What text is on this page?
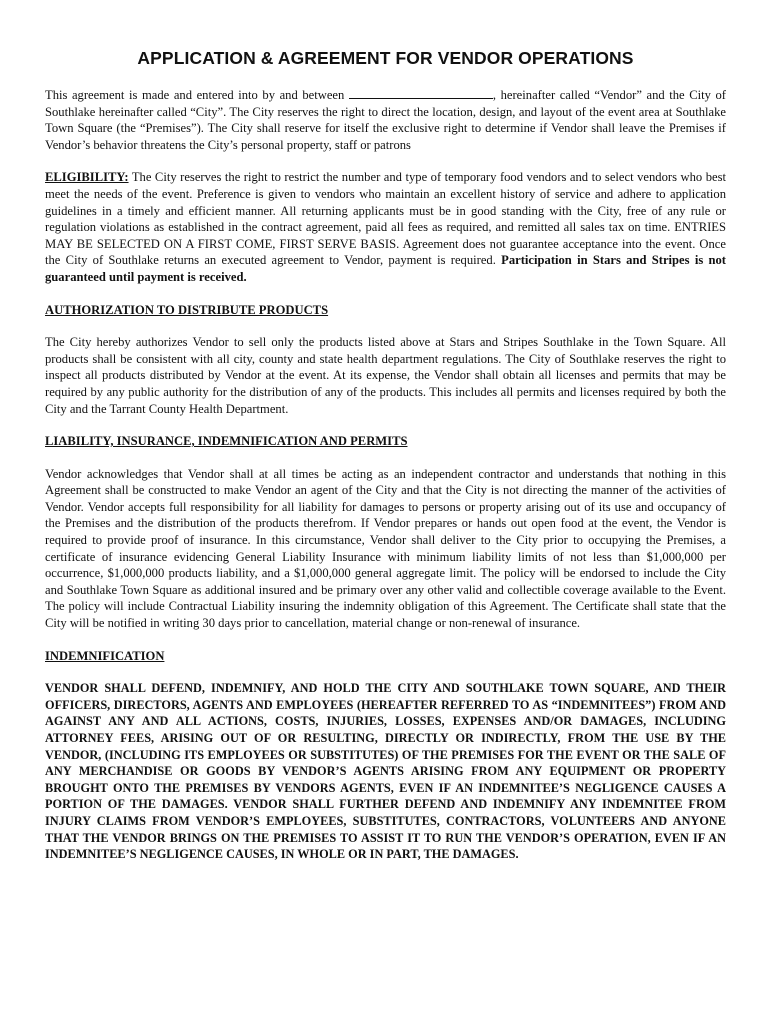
APPLICATION & AGREEMENT FOR VENDOR OPERATIONS

This agreement is made and entered into by and between	, hereinafter called “Vendor” and the City of Southlake hereinafter called “City”. The City reserves the right to direct the location, design, and layout of the event area at Southlake Town Square (the “Premises”). The City shall reserve for itself the exclusive right to determine if Vendor shall leave the Premises if Vendor’s behavior threatens the City’s personal property, staff or patrons

ELIGIBILITY: The City reserves the right to restrict the number and type of temporary food vendors and to select vendors who best meet the needs of the event. Preference is given to vendors who maintain an excellent history of service and adhere to application guidelines in a timely and efficient manner. All returning applicants must be in good standing with the City, free of any rule or regulation violations as established in the contract agreement, paid all fees as required, and remitted all sales tax on time. ENTRIES MAY BE SELECTED ON A FIRST COME, FIRST SERVE BASIS. Agreement does not guarantee acceptance into the event. Once the City of Southlake returns an executed agreement to Vendor, payment is required. Participation in Stars and Stripes is not guaranteed until payment is received.

AUTHORIZATION TO DISTRIBUTE PRODUCTS

The City hereby authorizes Vendor to sell only the products listed above at Stars and Stripes Southlake in the Town Square. All products shall be consistent with all city, county and state health department regulations. The City of Southlake reserves the right to inspect all products distributed by Vendor at the event. At its expense, the Vendor shall obtain all licenses and permits that may be required by any public authority for the distribution of any of the products. This includes all permits and licenses required by both the City and the Tarrant County Health Department.

LIABILITY, INSURANCE, INDEMNIFICATION AND PERMITS

Vendor acknowledges that Vendor shall at all times be acting as an independent contractor and understands that nothing in this Agreement shall be constructed to make Vendor an agent of the City and that the City is not directing the manner of the activities of Vendor. Vendor accepts full responsibility for all liability for damages to persons or property arising out of its use and occupancy of the Premises and the distribution of the products therefrom. If Vendor prepares or hands out open food at the event, the Vendor is required to provide proof of insurance. In this circumstance, Vendor shall deliver to the City prior to occupying the Premises, a certificate of insurance evidencing General Liability Insurance with minimum liability limits of not less than $1,000,000 per occurrence, $1,000,000 products liability, and a $1,000,000 general aggregate limit. The policy will be endorsed to include the City and Southlake Town Square as additional insured and be primary over any other valid and collectible coverage available to the Event. The policy will include Contractual Liability insuring the indemnity obligation of this Agreement. The Certificate shall state that the City will be notified in writing 30 days prior to cancellation, material change or non-renewal of insurance.

INDEMNIFICATION

VENDOR SHALL DEFEND, INDEMNIFY, AND HOLD THE CITY AND SOUTHLAKE TOWN SQUARE, AND THEIR OFFICERS, DIRECTORS, AGENTS AND EMPLOYEES (HEREAFTER REFERRED TO AS “INDEMNITEES”) FROM AND AGAINST ANY AND ALL ACTIONS, COSTS, INJURIES, LOSSES, EXPENSES AND/OR DAMAGES, INCLUDING ATTORNEY FEES, ARISING OUT OF OR RESULTING, DIRECTLY OR INDIRECTLY, FROM THE USE BY THE VENDOR, (INCLUDING ITS EMPLOYEES OR SUBSTITUTES) OF THE PREMISES FOR THE EVENT OR THE SALE OF ANY MERCHANDISE OR GOODS BY VENDOR’S AGENTS ARISING FROM ANY EQUIPMENT OR PROPERTY BROUGHT ONTO THE PREMISES BY VENDORS AGENTS, EVEN IF AN INDEMNITEE’S NEGLIGENCE CAUSES A PORTION OF THE DAMAGES. VENDOR SHALL FURTHER DEFEND AND INDEMNIFY ANY INDEMNITEE FROM INJURY CLAIMS FROM VENDOR’S EMPLOYEES, SUBSTITUTES, CONTRACTORS, VOLUNTEERS AND ANYONE THAT THE VENDOR BRINGS ON THE PREMISES TO ASSIST IT TO RUN THE VENDOR’S OPERATION, EVEN IF AN INDEMNITEE’S NEGLIGENCE CAUSES, IN WHOLE OR IN PART, THE DAMAGES.
